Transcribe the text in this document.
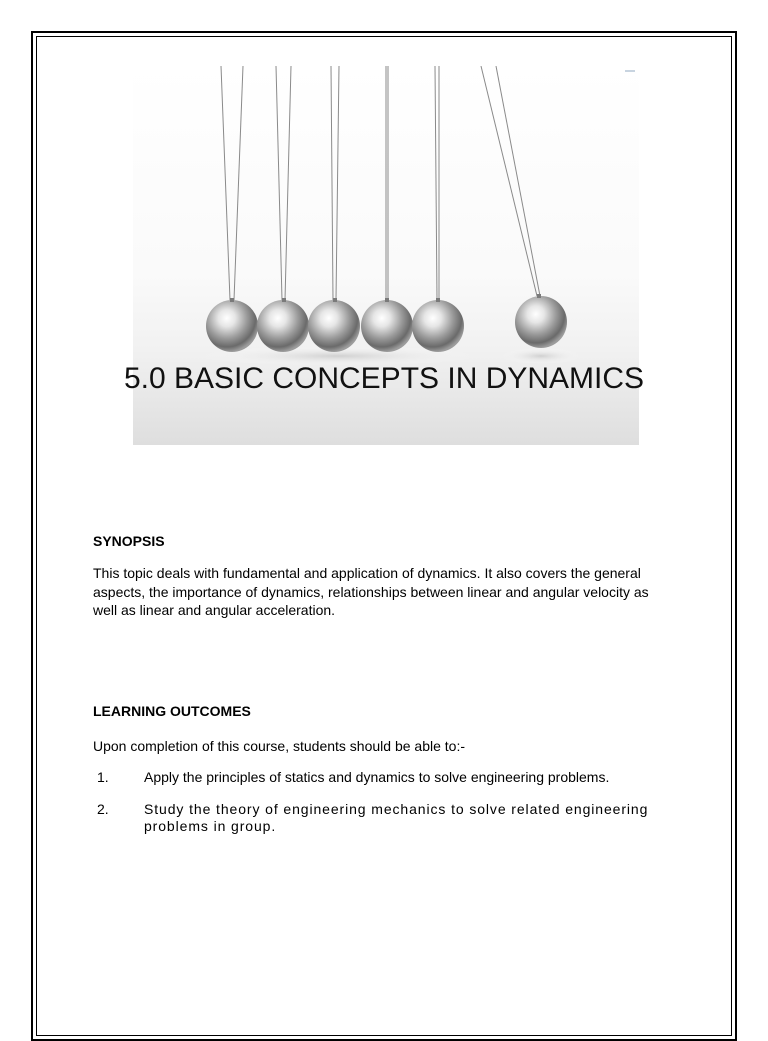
5.0 BASIC CONCEPTS IN DYNAMICS
SYNOPSIS
This topic deals with fundamental and application of dynamics. It also covers the general aspects, the importance of dynamics, relationships between linear and angular velocity as well as linear and angular acceleration.
LEARNING OUTCOMES
Upon completion of this course, students should be able to:-
1.	Apply the principles of statics and dynamics to solve engineering problems.
2.	Study the theory of engineering mechanics to solve related engineering problems in group.
